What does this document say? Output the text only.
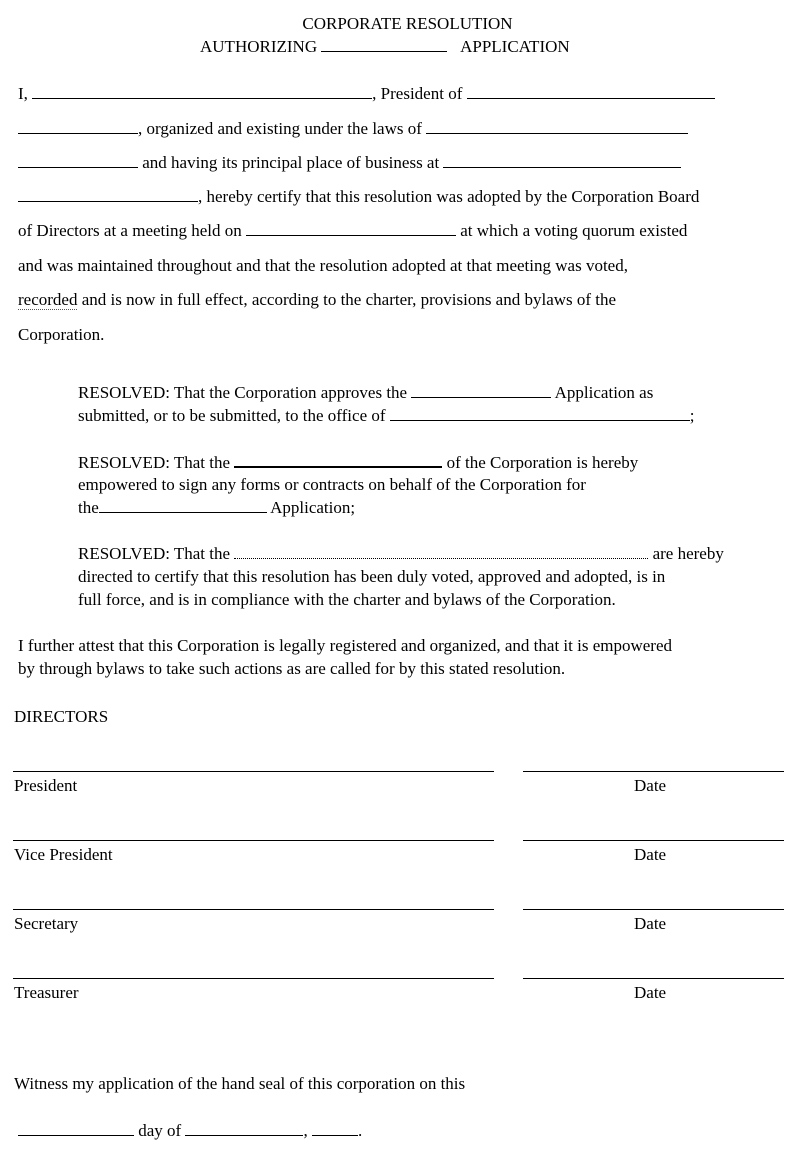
CORPORATE RESOLUTION
AUTHORIZING	APPLICATION
I,	, President of
, organized and existing under the laws of
and having its principal place of business at
, hereby certify that this resolution was adopted by the Corporation Board
of Directors at a meeting held on	at which a voting quorum existed
and was maintained throughout and that the resolution adopted at that meeting was voted,
recorded and is now in full effect, according to the charter, provisions and bylaws of the
Corporation.
RESOLVED: That the Corporation approves the	Application as
submitted, or to be submitted, to the office of	;
RESOLVED: That the	of the Corporation is hereby
empowered to sign any forms or contracts on behalf of the Corporation for
the	Application;
RESOLVED: That the	are hereby
directed to certify that this resolution has been duly voted, approved and adopted, is in
full force, and is in compliance with the charter and bylaws of the Corporation.
I further attest that this Corporation is legally registered and organized, and that it is empowered
by through bylaws to take such actions as are called for by this stated resolution.
DIRECTORS
President	Date
Vice President	Date
Secretary	Date
Treasurer	Date
Witness my application of the hand seal of this corporation on this
day of	,	.
